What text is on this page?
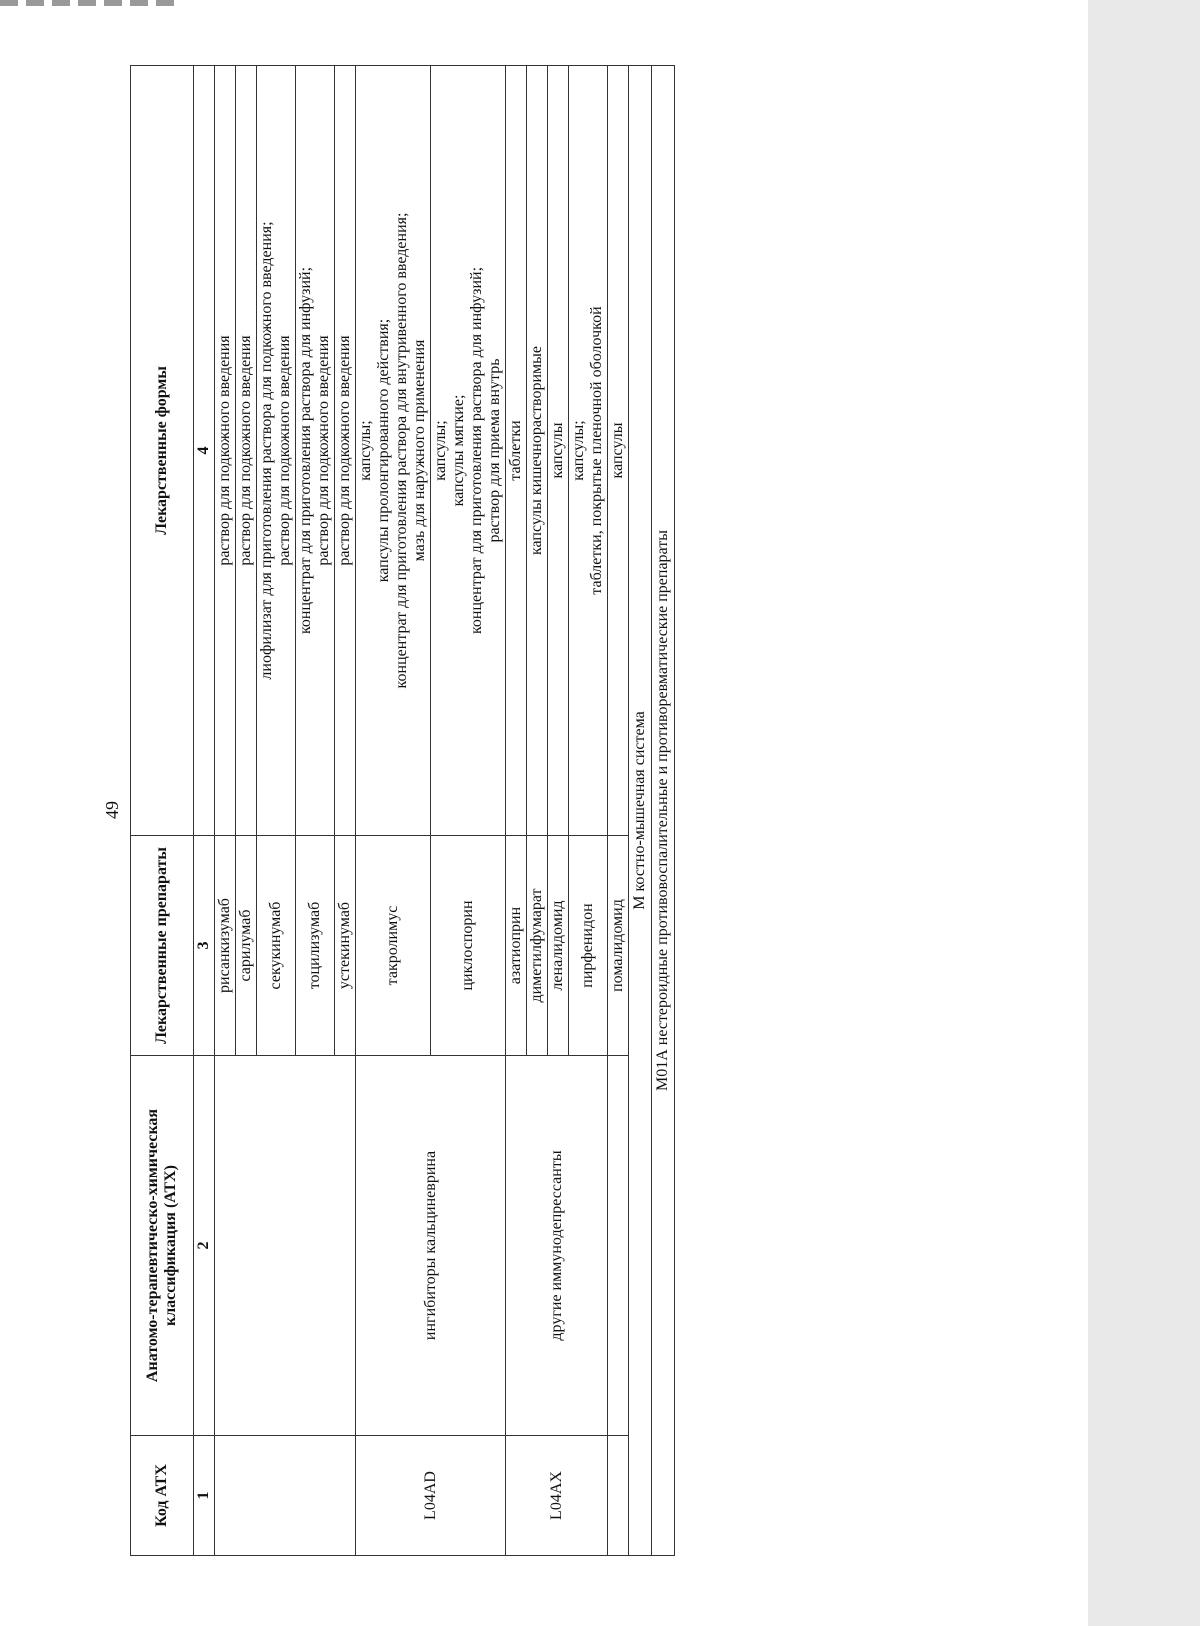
49
Код АТХ	Анатомо-терапевтическо-химическая классификация (АТХ)	Лекарственные препараты	Лекарственные формы
1	2	3	4
		рисанкизумаб	раствор для подкожного введения
		сарилумаб	раствор для подкожного введения
		секукинумаб	лиофилизат для приготовления раствора для подкожного введения;
раствор для подкожного введения
		тоцилизумаб	концентрат для приготовления раствора для инфузий;
раствор для подкожного введения
		устекинумаб	раствор для подкожного введения
L04AD	ингибиторы кальциневрина	такролимус	капсулы;
капсулы пролонгированного действия;
концентрат для приготовления раствора для внутривенного введения;
мазь для наружного применения
		циклоспорин	капсулы;
капсулы мягкие;
концентрат для приготовления раствора для инфузий;
раствор для приема внутрь
L04AX	другие иммунодепрессанты	азатиоприн	таблетки
		диметилфумарат	капсулы кишечнорастворимые
		леналидомид	капсулы
		пирфенидон	капсулы;
таблетки, покрытые пленочной оболочкой
		помалидомид	капсулы
М костно-мышечная система			
М01А нестероидные противовоспалительные и противоревматические препараты			
